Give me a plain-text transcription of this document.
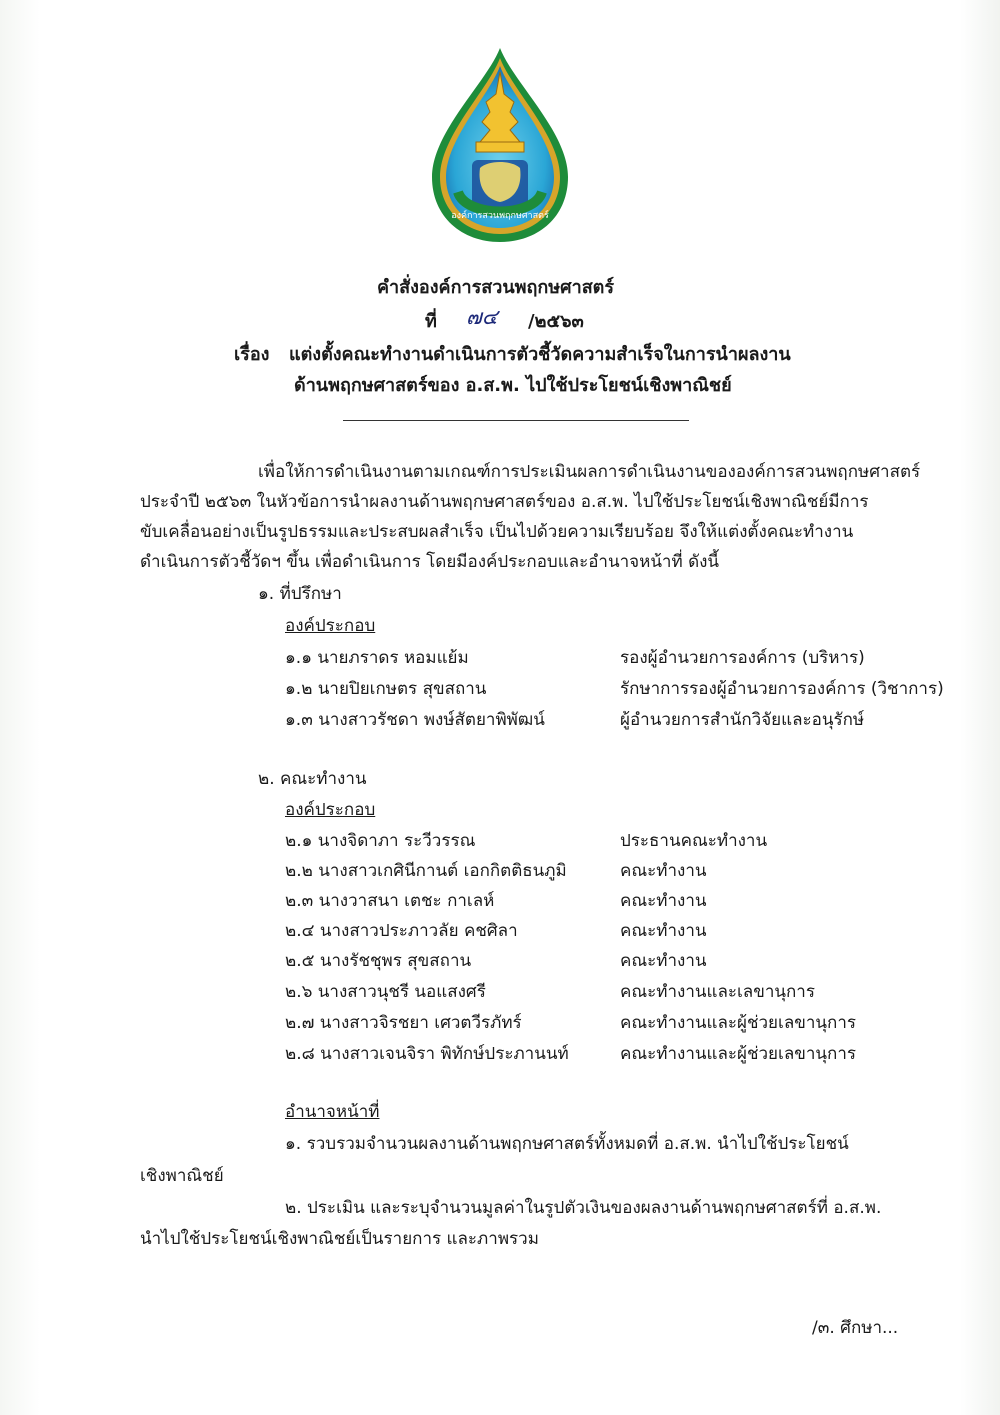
องค์การสวนพฤกษศาสตร์
คำสั่งองค์การสวนพฤกษศาสตร์
ที่ ๗๔ /๒๕๖๓
เรื่อง แต่งตั้งคณะทำงานดำเนินการตัวชี้วัดความสำเร็จในการนำผลงาน
ด้านพฤกษศาสตร์ของ อ.ส.พ. ไปใช้ประโยชน์เชิงพาณิชย์
เพื่อให้การดำเนินงานตามเกณฑ์การประเมินผลการดำเนินงานขององค์การสวนพฤกษศาสตร์
ประจำปี ๒๕๖๓ ในหัวข้อการนำผลงานด้านพฤกษศาสตร์ของ อ.ส.พ. ไปใช้ประโยชน์เชิงพาณิชย์มีการ
ขับเคลื่อนอย่างเป็นรูปธรรมและประสบผลสำเร็จ เป็นไปด้วยความเรียบร้อย จึงให้แต่งตั้งคณะทำงาน
ดำเนินการตัวชี้วัดฯ ขึ้น เพื่อดำเนินการ โดยมีองค์ประกอบและอำนาจหน้าที่ ดังนี้
๑. ที่ปรึกษา
องค์ประกอบ
๑.๑ นายภราดร หอมแย้ม	รองผู้อำนวยการองค์การ (บริหาร)
๑.๒ นายปิยเกษตร สุขสถาน	รักษาการรองผู้อำนวยการองค์การ (วิชาการ)
๑.๓ นางสาวรัชดา พงษ์สัตยาพิพัฒน์	ผู้อำนวยการสำนักวิจัยและอนุรักษ์
๒. คณะทำงาน
องค์ประกอบ
๒.๑ นางจิดาภา ระวีวรรณ	ประธานคณะทำงาน
๒.๒ นางสาวเกศินีกานต์ เอกกิตติธนภูมิ	คณะทำงาน
๒.๓ นางวาสนา เตชะ กาเลห์	คณะทำงาน
๒.๔ นางสาวประภาวลัย คชศิลา	คณะทำงาน
๒.๕ นางรัชชุพร สุขสถาน	คณะทำงาน
๒.๖ นางสาวนุชรี นอแสงศรี	คณะทำงานและเลขานุการ
๒.๗ นางสาวจิรชยา เศวตวีรภัทร์	คณะทำงานและผู้ช่วยเลขานุการ
๒.๘ นางสาวเจนจิรา พิทักษ์ประภานนท์	คณะทำงานและผู้ช่วยเลขานุการ
อำนาจหน้าที่
๑. รวบรวมจำนวนผลงานด้านพฤกษศาสตร์ทั้งหมดที่ อ.ส.พ. นำไปใช้ประโยชน์
เชิงพาณิชย์
๒. ประเมิน และระบุจำนวนมูลค่าในรูปตัวเงินของผลงานด้านพฤกษศาสตร์ที่ อ.ส.พ.
นำไปใช้ประโยชน์เชิงพาณิชย์เป็นรายการ และภาพรวม
/๓. ศึกษา...
